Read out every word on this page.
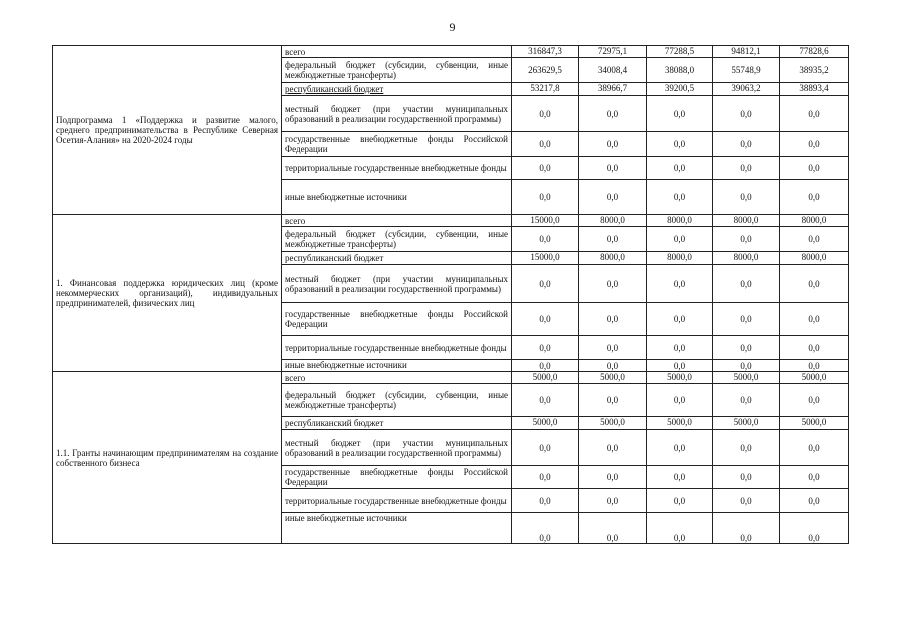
9
Подпрограмма 1 «Поддержка и развитие малого, среднего предпринимательства в Республике Северная Осетия-Алания» на 2020-2024 годы	всего	316847,3	72975,1	77288,5	94812,1	77828,6
	федеральный бюджет (субсидии, субвенции, иные межбюджетные трансферты)	263629,5	34008,4	38088,0	55748,9	38935,2
	республиканский бюджет	53217,8	38966,7	39200,5	39063,2	38893,4
	местный бюджет (при участии муниципальных образований в реализации государственной программы)	0,0	0,0	0,0	0,0	0,0
	государственные внебюджетные фонды Российской Федерации	0,0	0,0	0,0	0,0	0,0
	территориальные государственные внебюджетные фонды	0,0	0,0	0,0	0,0	0,0
	иные внебюджетные источники	0,0	0,0	0,0	0,0	0,0
1. Финансовая поддержка юридических лиц (кроме некоммерческих организаций), индивидуальных предпринимателей, физических лиц	всего	15000,0	8000,0	8000,0	8000,0	8000,0
	федеральный бюджет (субсидии, субвенции, иные межбюджетные трансферты)	0,0	0,0	0,0	0,0	0,0
	республиканский бюджет	15000,0	8000,0	8000,0	8000,0	8000,0
	местный бюджет (при участии муниципальных образований в реализации государственной программы)	0,0	0,0	0,0	0,0	0,0
	государственные внебюджетные фонды Российской Федерации	0,0	0,0	0,0	0,0	0,0
	территориальные государственные внебюджетные фонды	0,0	0,0	0,0	0,0	0,0
	иные внебюджетные источники	0,0	0,0	0,0	0,0	0,0
1.1. Гранты начинающим предпринимателям на создание собственного бизнеса	всего	5000,0	5000,0	5000,0	5000,0	5000,0
	федеральный бюджет (субсидии, субвенции, иные межбюджетные трансферты)	0,0	0,0	0,0	0,0	0,0
	республиканский бюджет	5000,0	5000,0	5000,0	5000,0	5000,0
	местный бюджет (при участии муниципальных образований в реализации государственной программы)	0,0	0,0	0,0	0,0	0,0
	государственные внебюджетные фонды Российской Федерации	0,0	0,0	0,0	0,0	0,0
	территориальные государственные внебюджетные фонды	0,0	0,0	0,0	0,0	0,0
	иные внебюджетные источники	0,0	0,0	0,0	0,0	0,0
